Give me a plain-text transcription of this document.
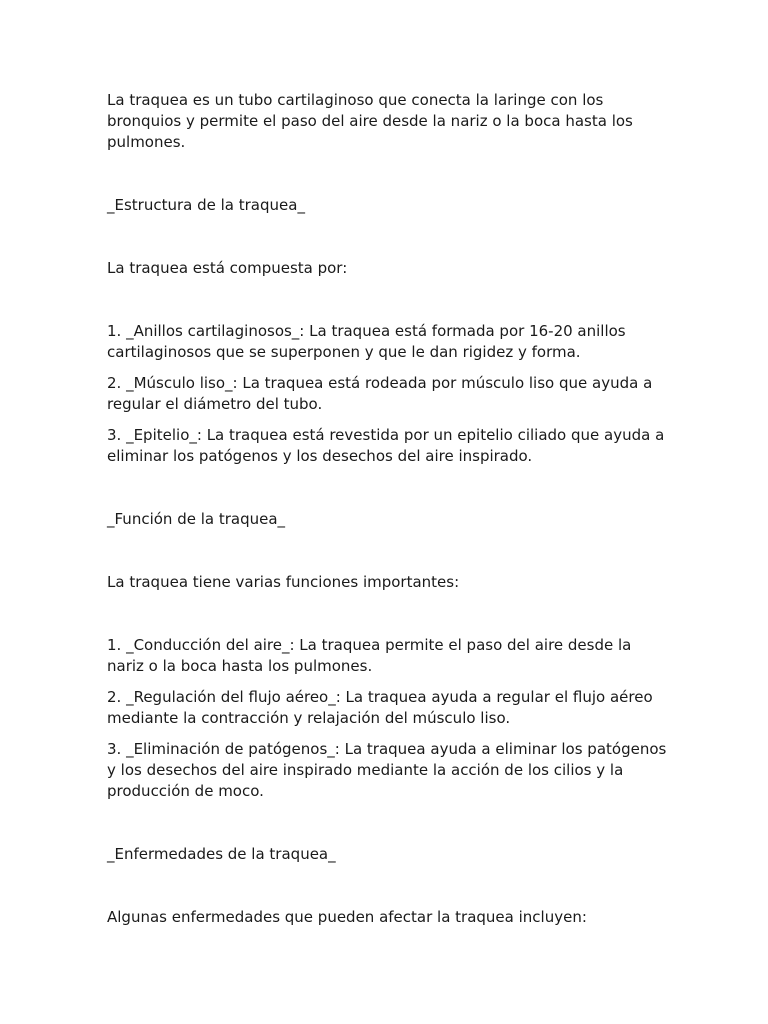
La traquea es un tubo cartilaginoso que conecta la laringe con los bronquios y permite el paso del aire desde la nariz o la boca hasta los pulmones.

_Estructura de la traquea_

La traquea está compuesta por:

1. _Anillos cartilaginosos_: La traquea está formada por 16-20 anillos cartilaginosos que se superponen y que le dan rigidez y forma.

2. _Músculo liso_: La traquea está rodeada por músculo liso que ayuda a regular el diámetro del tubo.

3. _Epitelio_: La traquea está revestida por un epitelio ciliado que ayuda a eliminar los patógenos y los desechos del aire inspirado.

_Función de la traquea_

La traquea tiene varias funciones importantes:

1. _Conducción del aire_: La traquea permite el paso del aire desde la nariz o la boca hasta los pulmones.

2. _Regulación del flujo aéreo_: La traquea ayuda a regular el flujo aéreo mediante la contracción y relajación del músculo liso.

3. _Eliminación de patógenos_: La traquea ayuda a eliminar los patógenos y los desechos del aire inspirado mediante la acción de los cilios y la producción de moco.

_Enfermedades de la traquea_

Algunas enfermedades que pueden afectar la traquea incluyen:
